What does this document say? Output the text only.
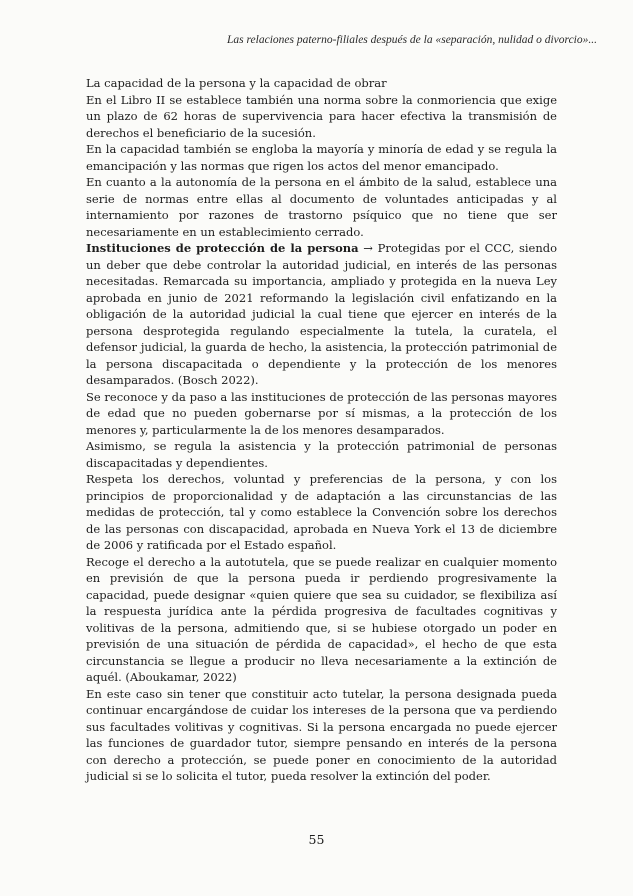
Las relaciones paterno-filiales después de la «separación, nulidad o divorcio»...

La capacidad de la persona y la capacidad de obrar

En el Libro II se establece también una norma sobre la conmoriencia que exige un plazo de 62 horas de supervivencia para hacer efectiva la transmisión de derechos el beneficiario de la sucesión.

En la capacidad también se engloba la mayoría y minoría de edad y se regula la emancipación y las normas que rigen los actos del menor emancipado.

En cuanto a la autonomía de la persona en el ámbito de la salud, establece una serie de normas entre ellas al documento de voluntades anticipadas y al internamiento por razones de trastorno psíquico que no tiene que ser necesariamente en un establecimiento cerrado.

Instituciones de protección de la persona → Protegidas por el CCC, siendo un deber que debe controlar la autoridad judicial, en interés de las personas necesitadas. Remarcada su importancia, ampliado y protegida en la nueva Ley aprobada en junio de 2021 reformando la legislación civil enfatizando en la obligación de la autoridad judicial la cual tiene que ejercer en interés de la persona desprotegida regulando especialmente la tutela, la curatela, el defensor judicial, la guarda de hecho, la asistencia, la protección patrimonial de la persona discapacitada o dependiente y la protección de los menores desamparados. (Bosch 2022).

Se reconoce y da paso a las instituciones de protección de las personas mayores de edad que no pueden gobernarse por sí mismas, a la protección de los menores y, particularmente la de los menores desamparados.

Asimismo, se regula la asistencia y la protección patrimonial de personas discapacitadas y dependientes.

Respeta los derechos, voluntad y preferencias de la persona, y con los principios de proporcionalidad y de adaptación a las circunstancias de las medidas de protección, tal y como establece la Convención sobre los derechos de las personas con discapacidad, aprobada en Nueva York el 13 de diciembre de 2006 y ratificada por el Estado español.

Recoge el derecho a la autotutela, que se puede realizar en cualquier momento en previsión de que la persona pueda ir perdiendo progresivamente la capacidad, puede designar «quien quiere que sea su cuidador, se flexibiliza así la respuesta jurídica ante la pérdida progresiva de facultades cognitivas y volitivas de la persona, admitiendo que, si se hubiese otorgado un poder en previsión de una situación de pérdida de capacidad», el hecho de que esta circunstancia se llegue a producir no lleva necesariamente a la extinción de aquél. (Aboukamar, 2022)

En este caso sin tener que constituir acto tutelar, la persona designada pueda continuar encargándose de cuidar los intereses de la persona que va perdiendo sus facultades volitivas y cognitivas. Si la persona encargada no puede ejercer las funciones de guardador tutor, siempre pensando en interés de la persona con derecho a protección, se puede poner en conocimiento de la autoridad judicial si se lo solicita el tutor, pueda resolver la extinción del poder.

55
